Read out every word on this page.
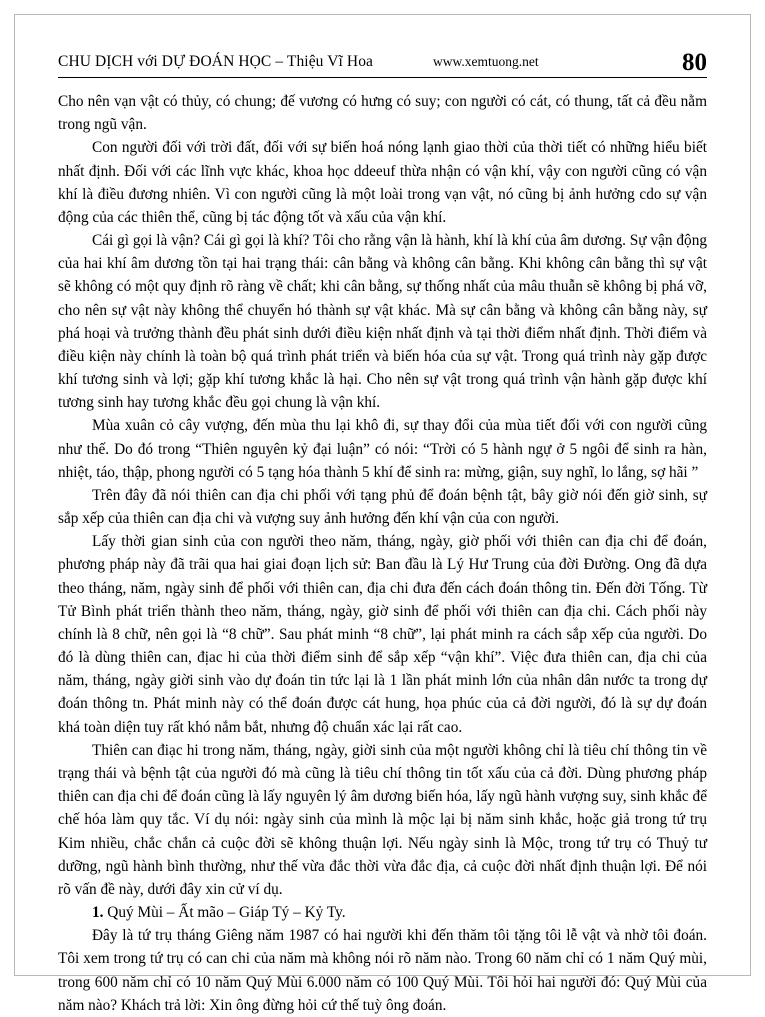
CHU DỊCH với DỰ ĐOÁN HỌC – Thiệu Vĩ Hoa	www.xemtuong.net	80

Cho nên vạn vật có thủy, có chung; đế vương có hưng có suy; con người có cát, có thung, tất cả đều nằm trong ngũ vận.

Con người đối với trời đất, đối với sự biến hoá nóng lạnh giao thời của thời tiết có những hiểu biết nhất định. Đối với các lĩnh vực khác, khoa học ddeeuf thừa nhận có vận khí, vậy con người cũng có vận khí là điều đương nhiên. Vì con người cũng là một loài trong vạn vật, nó cũng bị ảnh hưởng cdo sự vận động của các thiên thể, cũng bị tác động tốt và xấu của vận khí.

Cái gì gọi là vận? Cái gì gọi là khí? Tôi cho rằng vận là hành, khí là khí của âm dương. Sự vận động của hai khí âm dương tồn tại hai trạng thái: cân bằng và không cân bằng. Khi không cân bằng thì sự vật sẽ không có một quy định rõ ràng về chất; khi cân bằng, sự thống nhất của mâu thuẫn sẽ không bị phá vỡ, cho nên sự vật này không thể chuyển hó thành sự vật khác. Mà sự cân bằng và không cân bằng này, sự phá hoại và trưởng thành đều phát sinh dưới điều kiện nhất định và tại thời điểm nhất định. Thời điểm và điều kiện này chính là toàn bộ quá trình phát triển và biến hóa của sự vật. Trong quá trình này gặp được khí tương sinh và lợi; gặp khí tương khắc là hại. Cho nên sự vật trong quá trình vận hành gặp được khí tương sinh hay tương khắc đều gọi chung là vận khí.

Mùa xuân cỏ cây vượng, đến mùa thu lại khô đi, sự thay đổi của mùa tiết đối với con người cũng như thế. Do đó trong “Thiên nguyên kỷ đại luận” có nói: “Trời có 5 hành ngự ở 5 ngôi để sinh ra hàn, nhiệt, táo, thập, phong người có 5 tạng hóa thành 5 khí để sinh ra: mừng, giận, suy nghĩ, lo lắng, sợ hãi ”

Trên đây đã nói thiên can địa chi phối với tạng phủ để đoán bệnh tật, bây giờ nói đến giờ sinh, sự sắp xếp của thiên can địa chi và vượng suy ảnh hưởng đến khí vận của con người.

Lấy thời gian sinh của con người theo năm, tháng, ngày, giờ phối với thiên can địa chi để đoán, phương pháp này đã trãi qua hai giai đoạn lịch sử: Ban đầu là Lý Hư Trung của đời Đường. Ong đã dựa theo tháng, năm, ngày sinh để phối với thiên can, địa chi đưa đến cách đoán thông tin. Đến đời Tống. Từ Tử Bình phát triển thành theo năm, tháng, ngày, giờ sinh để phối với thiên can địa chi. Cách phối này chính là 8 chữ, nên gọi là “8 chữ”. Sau phát minh “8 chữ”, lại phát minh ra cách sắp xếp của người. Do đó là dùng thiên can, địac hi của thời điểm sinh để sắp xếp “vận khí”. Việc đưa thiên can, địa chi của năm, tháng, ngày giời sinh vào dự đoán tin tức lại là 1 lần phát minh lớn của nhân dân nước ta trong dự đoán thông tn. Phát minh này có thể đoán được cát hung, họa phúc của cả đời người, đó là sự dự đoán khá toàn diện tuy rất khó nắm bắt, nhưng độ chuẩn xác lại rất cao.

Thiên can điạc hi trong năm, tháng, ngày, giời sinh của một người không chỉ là tiêu chí thông tin về trạng thái và bệnh tật của người đó mà cũng là tiêu chí thông tin tốt xấu của cả đời. Dùng phương pháp thiên can địa chi để đoán cũng là lấy nguyên lý âm dương biến hóa, lấy ngũ hành vượng suy, sinh khắc để chế hóa làm quy tắc. Ví dụ nói: ngày sinh của mình là mộc lại bị năm sinh khắc, hoặc giả trong tứ trụ Kim nhiều, chắc chắn cả cuộc đời sẽ không thuận lợi. Nếu ngày sinh là Mộc, trong tứ trụ có Thuỷ tư dưỡng, ngũ hành bình thường, như thế vừa đắc thời vừa đắc địa, cả cuộc đời nhất định thuận lợi. Để nói rõ vấn đề này, dưới đây xin cử ví dụ.

1. Quý Mùi – Ất mão – Giáp Tý – Kỷ Ty.

Đây là tứ trụ tháng Giêng năm 1987 có hai người khi đến thăm tôi tặng tôi lễ vật và nhờ tôi đoán. Tôi xem trong tứ trụ có can chi của năm mà không nói rõ năm nào. Trong 60 năm chỉ có 1 năm Quý mùi, trong 600 năm chỉ có 10 năm Quý Mùi 6.000 năm có 100 Quý Mùi. Tôi hỏi hai người đó: Quý Mùi của năm nào? Khách trả lời: Xin ông đừng hỏi cứ thế tuỳ ông đoán.
